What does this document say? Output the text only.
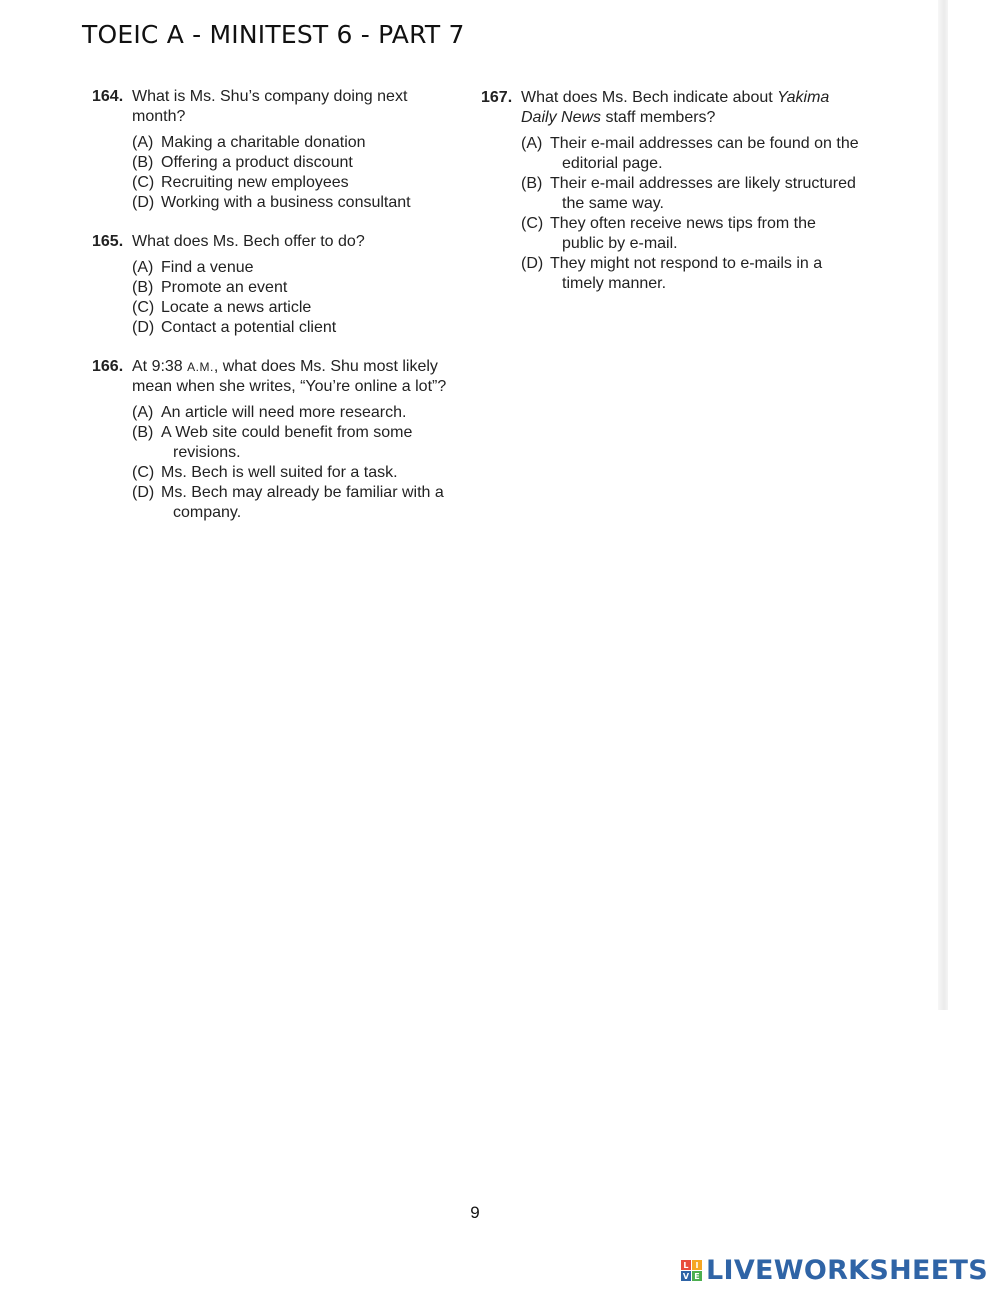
TOEIC A - MINITEST 6 - PART 7
164. What is Ms. Shu’s company doing next month?
(A) Making a charitable donation
(B) Offering a product discount
(C) Recruiting new employees
(D) Working with a business consultant
165. What does Ms. Bech offer to do?
(A) Find a venue
(B) Promote an event
(C) Locate a news article
(D) Contact a potential client
166. At 9:38 A.M., what does Ms. Shu most likely mean when she writes, “You’re online a lot”?
(A) An article will need more research.
(B) A Web site could benefit from some revisions.
(C) Ms. Bech is well suited for a task.
(D) Ms. Bech may already be familiar with a company.
167. What does Ms. Bech indicate about Yakima Daily News staff members?
(A) Their e-mail addresses can be found on the editorial page.
(B) Their e-mail addresses are likely structured the same way.
(C) They often receive news tips from the public by e-mail.
(D) They might not respond to e-mails in a timely manner.
9
L I
V E LIVEWORKSHEETS
